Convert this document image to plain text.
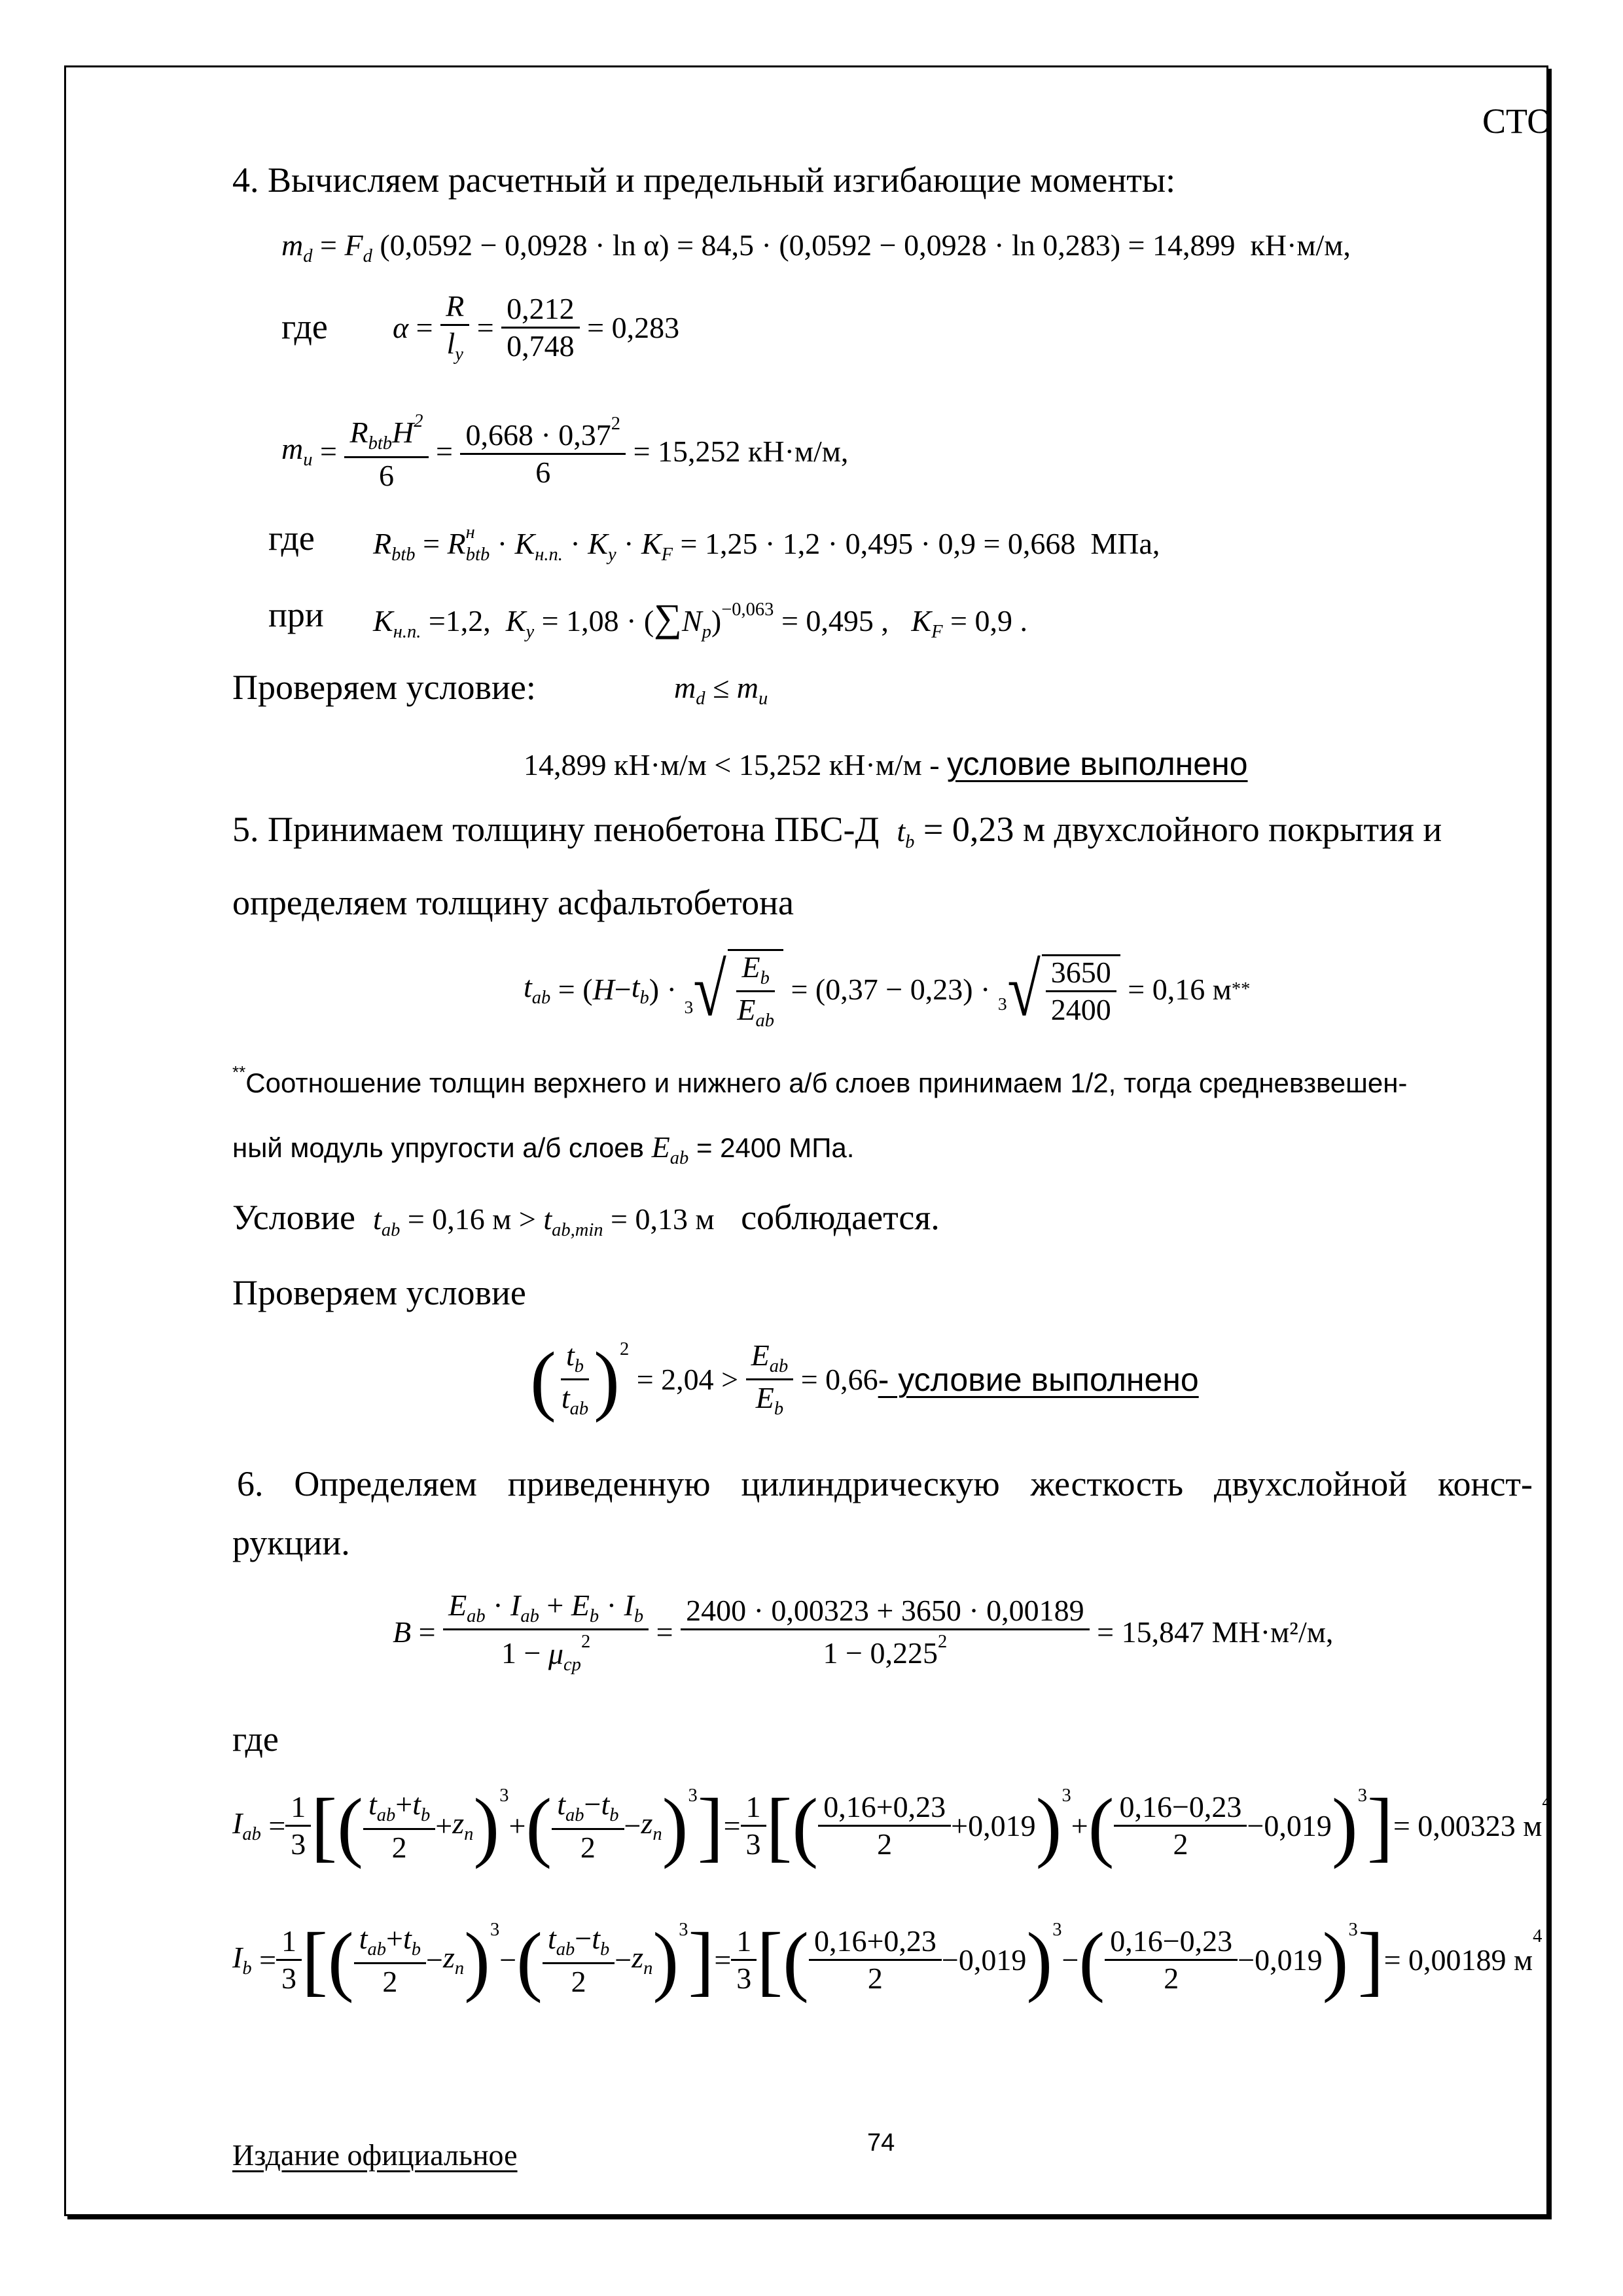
СТО
4. Вычисляем расчетный и предельный изгибающие моменты:
$m_d = F_d$ (0,0592 − 0,0928 · ln α) = 84,5 · (0,0592 − 0,0928 · ln 0,283) = 14,899 кН·м/м,
где $\alpha = \frac{R}{l_y} = \frac{0,212}{0,748}$
= 0,283
$m_u = \frac{R_{btb}H^2}{6} = \frac{0,668 \cdot 0,37^2}{6}$
= 15,252
кН·м/м,
где $R_{btb} = R^н_{btb} \cdot K_{н.п.} \cdot K_y \cdot K_F = 1,25 \cdot 1,2 \cdot 0,495 \cdot 0,9 = 0,668$ МПа,
при $K_{н.п.} =1,2$, $K_y = 1,08 \cdot (\sum N_p)^{-0,063} = 0,495$ , $K_F = 0,9$ .
Проверяем условие:	$m_d \le m_u$
14,899 кН·м/м < 15,252 кН·м/м - условие выполнено
5. Принимаем толщину пенобетона ПБС-Д $t_b = 0,23$ м двухслойного покрытия и
определяем толщину асфальтобетона
$t_{ab}$ = ( $H - t_b$ ) ·
3 √ $\frac{E_b}{E_{ab}}$
= (0,37 − 0,23) ·
3 √ $\frac{3650}{2400}$
= 0,16 м **
**Соотношение толщин верхнего и нижнего а/б слоев принимаем 1/2, тогда средневзвешен-
ный модуль упругости а/б слоев $E_{ab} = 2400$ МПа.
Условие $t_{ab} = 0,16$ $м > t_{ab,min} = 0,13$ м соблюдается.
Проверяем условие
( $\frac{t_b}{t_{ab}} )^2$

= 2,04 >
$\frac{E_{ab}}{E_b}$
= 0,66 - условие выполнено
6. Определяем приведенную цилиндрическую жесткость двухслойной конст-
рукции.
$B = \frac{E_{ab} \cdot I_{ab} + E_b \cdot I_b}{1 - \mu_{cp}^2} = \frac{2400 \cdot 0,00323 + 3650 \cdot 0,00189}{1 - 0,225^2}$
= 15,847
МН·м²/м,
где
$I_{ab} = \frac{1}{3}$ [ ( $\frac{t_{ab}+t_b}{2} + z_n$ )$^3$
+ ( $\frac{t_{ab}-t_b}{2} - z_n$ )$^3$ ] = $\frac{1}{3}$ [ ( $\frac{0,16+0,23}{2} + 0,019$ )$^3$
+ ( $\frac{0,16-0,23}{2} - 0,019$ )$^3$ ] = 0,00323 м
$^4$
$I_b = \frac{1}{3}$ [ ( $\frac{t_{ab}+t_b}{2} - z_n$ )$^3$
− ( $\frac{t_{ab}-t_b}{2} - z_n$ )$^3$ ] = $\frac{1}{3}$ [ ( $\frac{0,16+0,23}{2} - 0,019$ )$^3$
− ( $\frac{0,16-0,23}{2} - 0,019$ )$^3$ ] = 0,00189 м
$^4$
Издание официальное	74
